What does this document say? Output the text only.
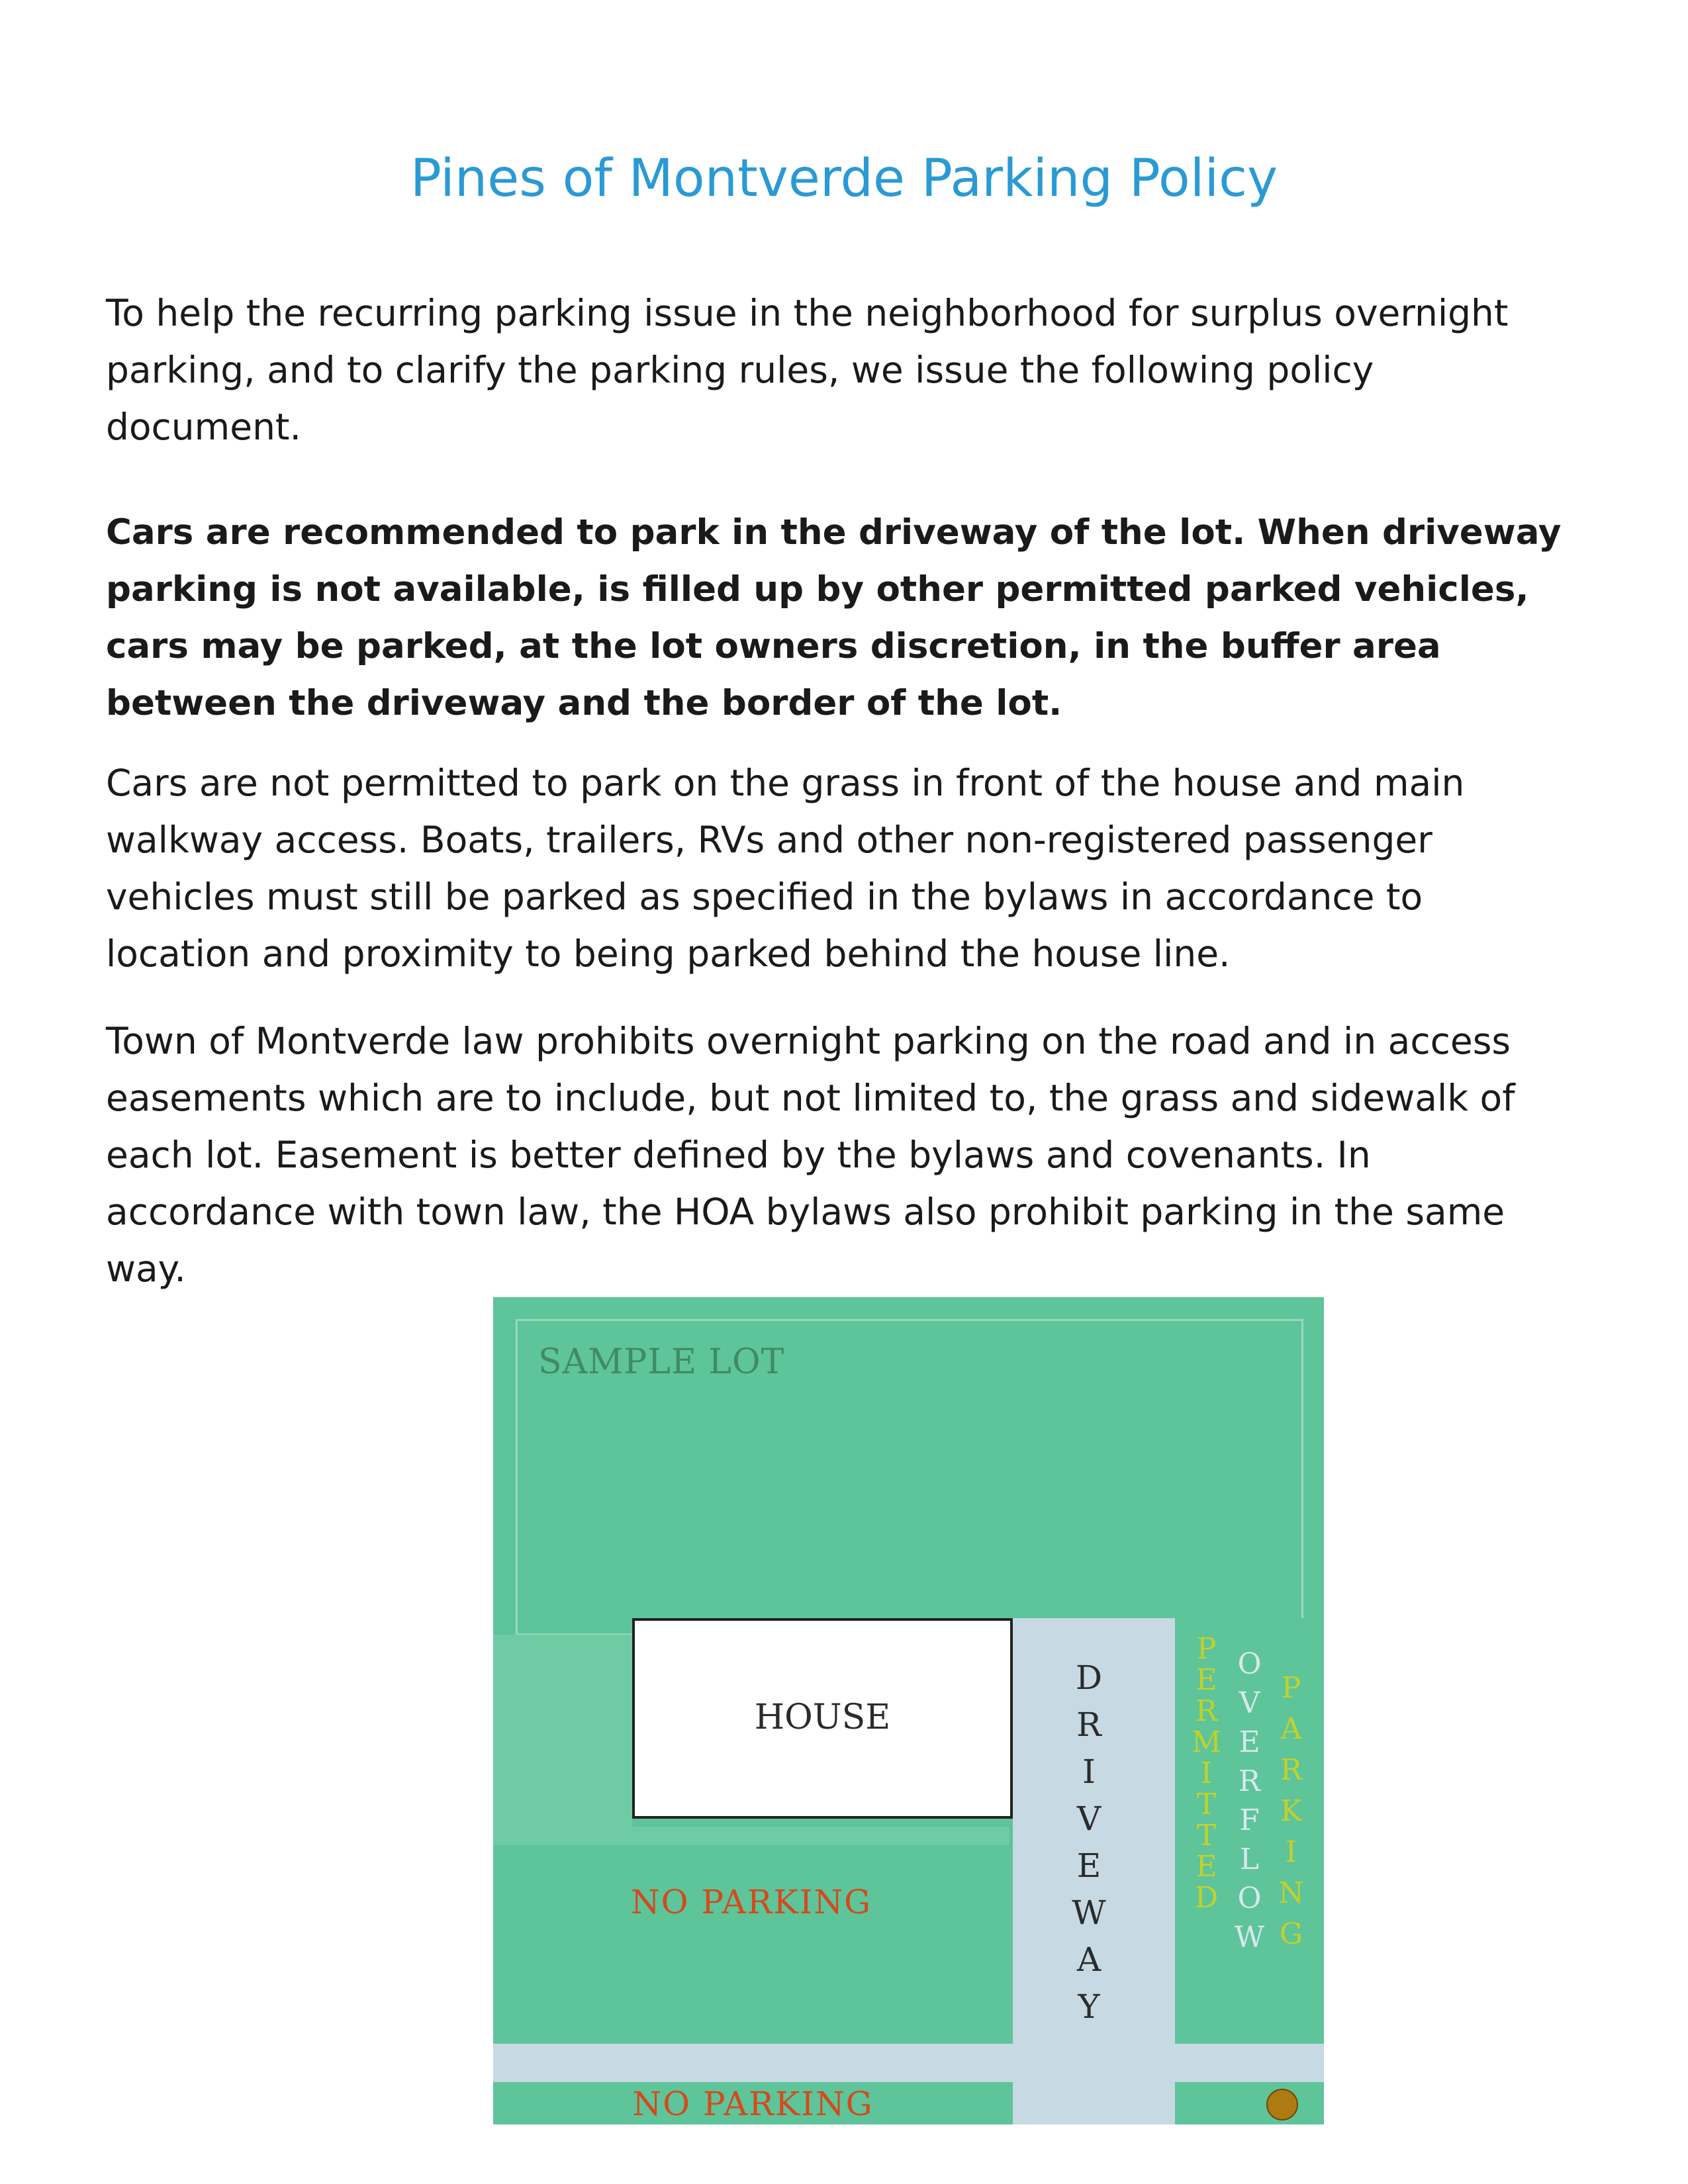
Pines of Montverde Parking Policy

To help the recurring parking issue in the neighborhood for surplus overnight parking, and to clarify the parking rules, we issue the following policy document.

Cars are recommended to park in the driveway of the lot. When driveway parking is not available, is filled up by other permitted parked vehicles, cars may be parked, at the lot owners discretion, in the buffer area between the driveway and the border of the lot.

Cars are not permitted to park on the grass in front of the house and main walkway access. Boats, trailers, RVs and other non-registered passenger vehicles must still be parked as specified in the bylaws in accordance to location and proximity to being parked behind the house line.

Town of Montverde law prohibits overnight parking on the road and in access easements which are to include, but not limited to, the grass and sidewalk of each lot. Easement is better defined by the bylaws and covenants. In accordance with town law, the HOA bylaws also prohibit parking in the same way.

SAMPLE LOT
HOUSE
NO PARKING
NO PARKING
D
R
I
V
E
W
A
Y
P
E
R
M
I
T
T
E
D
O
V
E
R
F
L
O
W
P
A
R
K
I
N
G
